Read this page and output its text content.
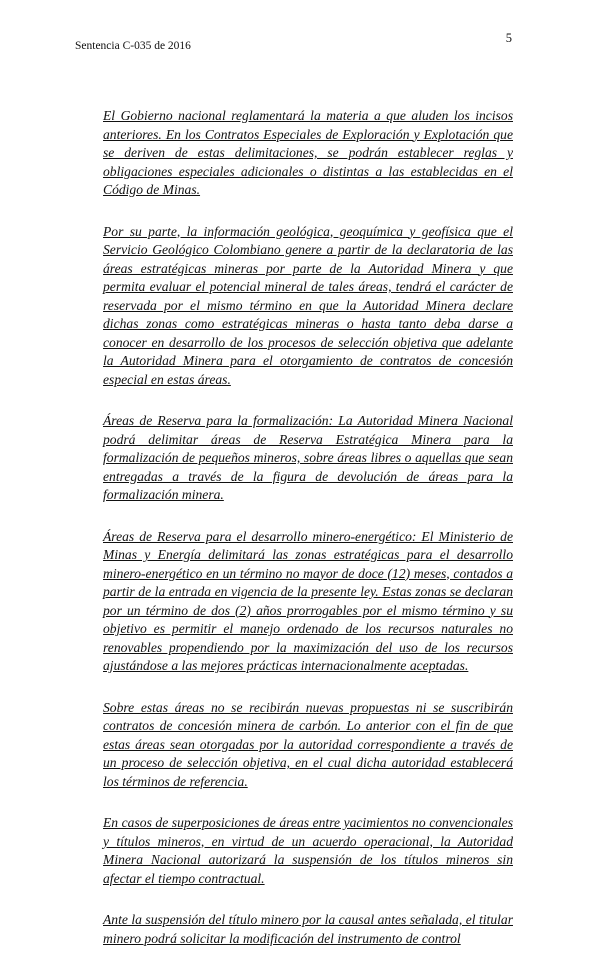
Sentencia C-035 de 2016
5

El Gobierno nacional reglamentará la materia a que aluden los incisos anteriores. En los Contratos Especiales de Exploración y Explotación que se deriven de estas delimitaciones, se podrán establecer reglas y obligaciones especiales adicionales o distintas a las establecidas en el Código de Minas.

Por su parte, la información geológica, geoquímica y geofísica que el Servicio Geológico Colombiano genere a partir de la declaratoria de las áreas estratégicas mineras por parte de la Autoridad Minera y que permita evaluar el potencial mineral de tales áreas, tendrá el carácter de reservada por el mismo término en que la Autoridad Minera declare dichas zonas como estratégicas mineras o hasta tanto deba darse a conocer en desarrollo de los procesos de selección objetiva que adelante la Autoridad Minera para el otorgamiento de contratos de concesión especial en estas áreas.

Áreas de Reserva para la formalización: La Autoridad Minera Nacional podrá delimitar áreas de Reserva Estratégica Minera para la formalización de pequeños mineros, sobre áreas libres o aquellas que sean entregadas a través de la figura de devolución de áreas para la formalización minera.

Áreas de Reserva para el desarrollo minero-energético: El Ministerio de Minas y Energía delimitará las zonas estratégicas para el desarrollo minero-energético en un término no mayor de doce (12) meses, contados a partir de la entrada en vigencia de la presente ley. Estas zonas se declaran por un término de dos (2) años prorrogables por el mismo término y su objetivo es permitir el manejo ordenado de los recursos naturales no renovables propendiendo por la maximización del uso de los recursos ajustándose a las mejores prácticas internacionalmente aceptadas.

Sobre estas áreas no se recibirán nuevas propuestas ni se suscribirán contratos de concesión minera de carbón. Lo anterior con el fin de que estas áreas sean otorgadas por la autoridad correspondiente a través de un proceso de selección objetiva, en el cual dicha autoridad establecerá los términos de referencia.

En casos de superposiciones de áreas entre yacimientos no convencionales y títulos mineros, en virtud de un acuerdo operacional, la Autoridad Minera Nacional autorizará la suspensión de los títulos mineros sin afectar el tiempo contractual.

Ante la suspensión del título minero por la causal antes señalada, el titular minero podrá solicitar la modificación del instrumento de control
